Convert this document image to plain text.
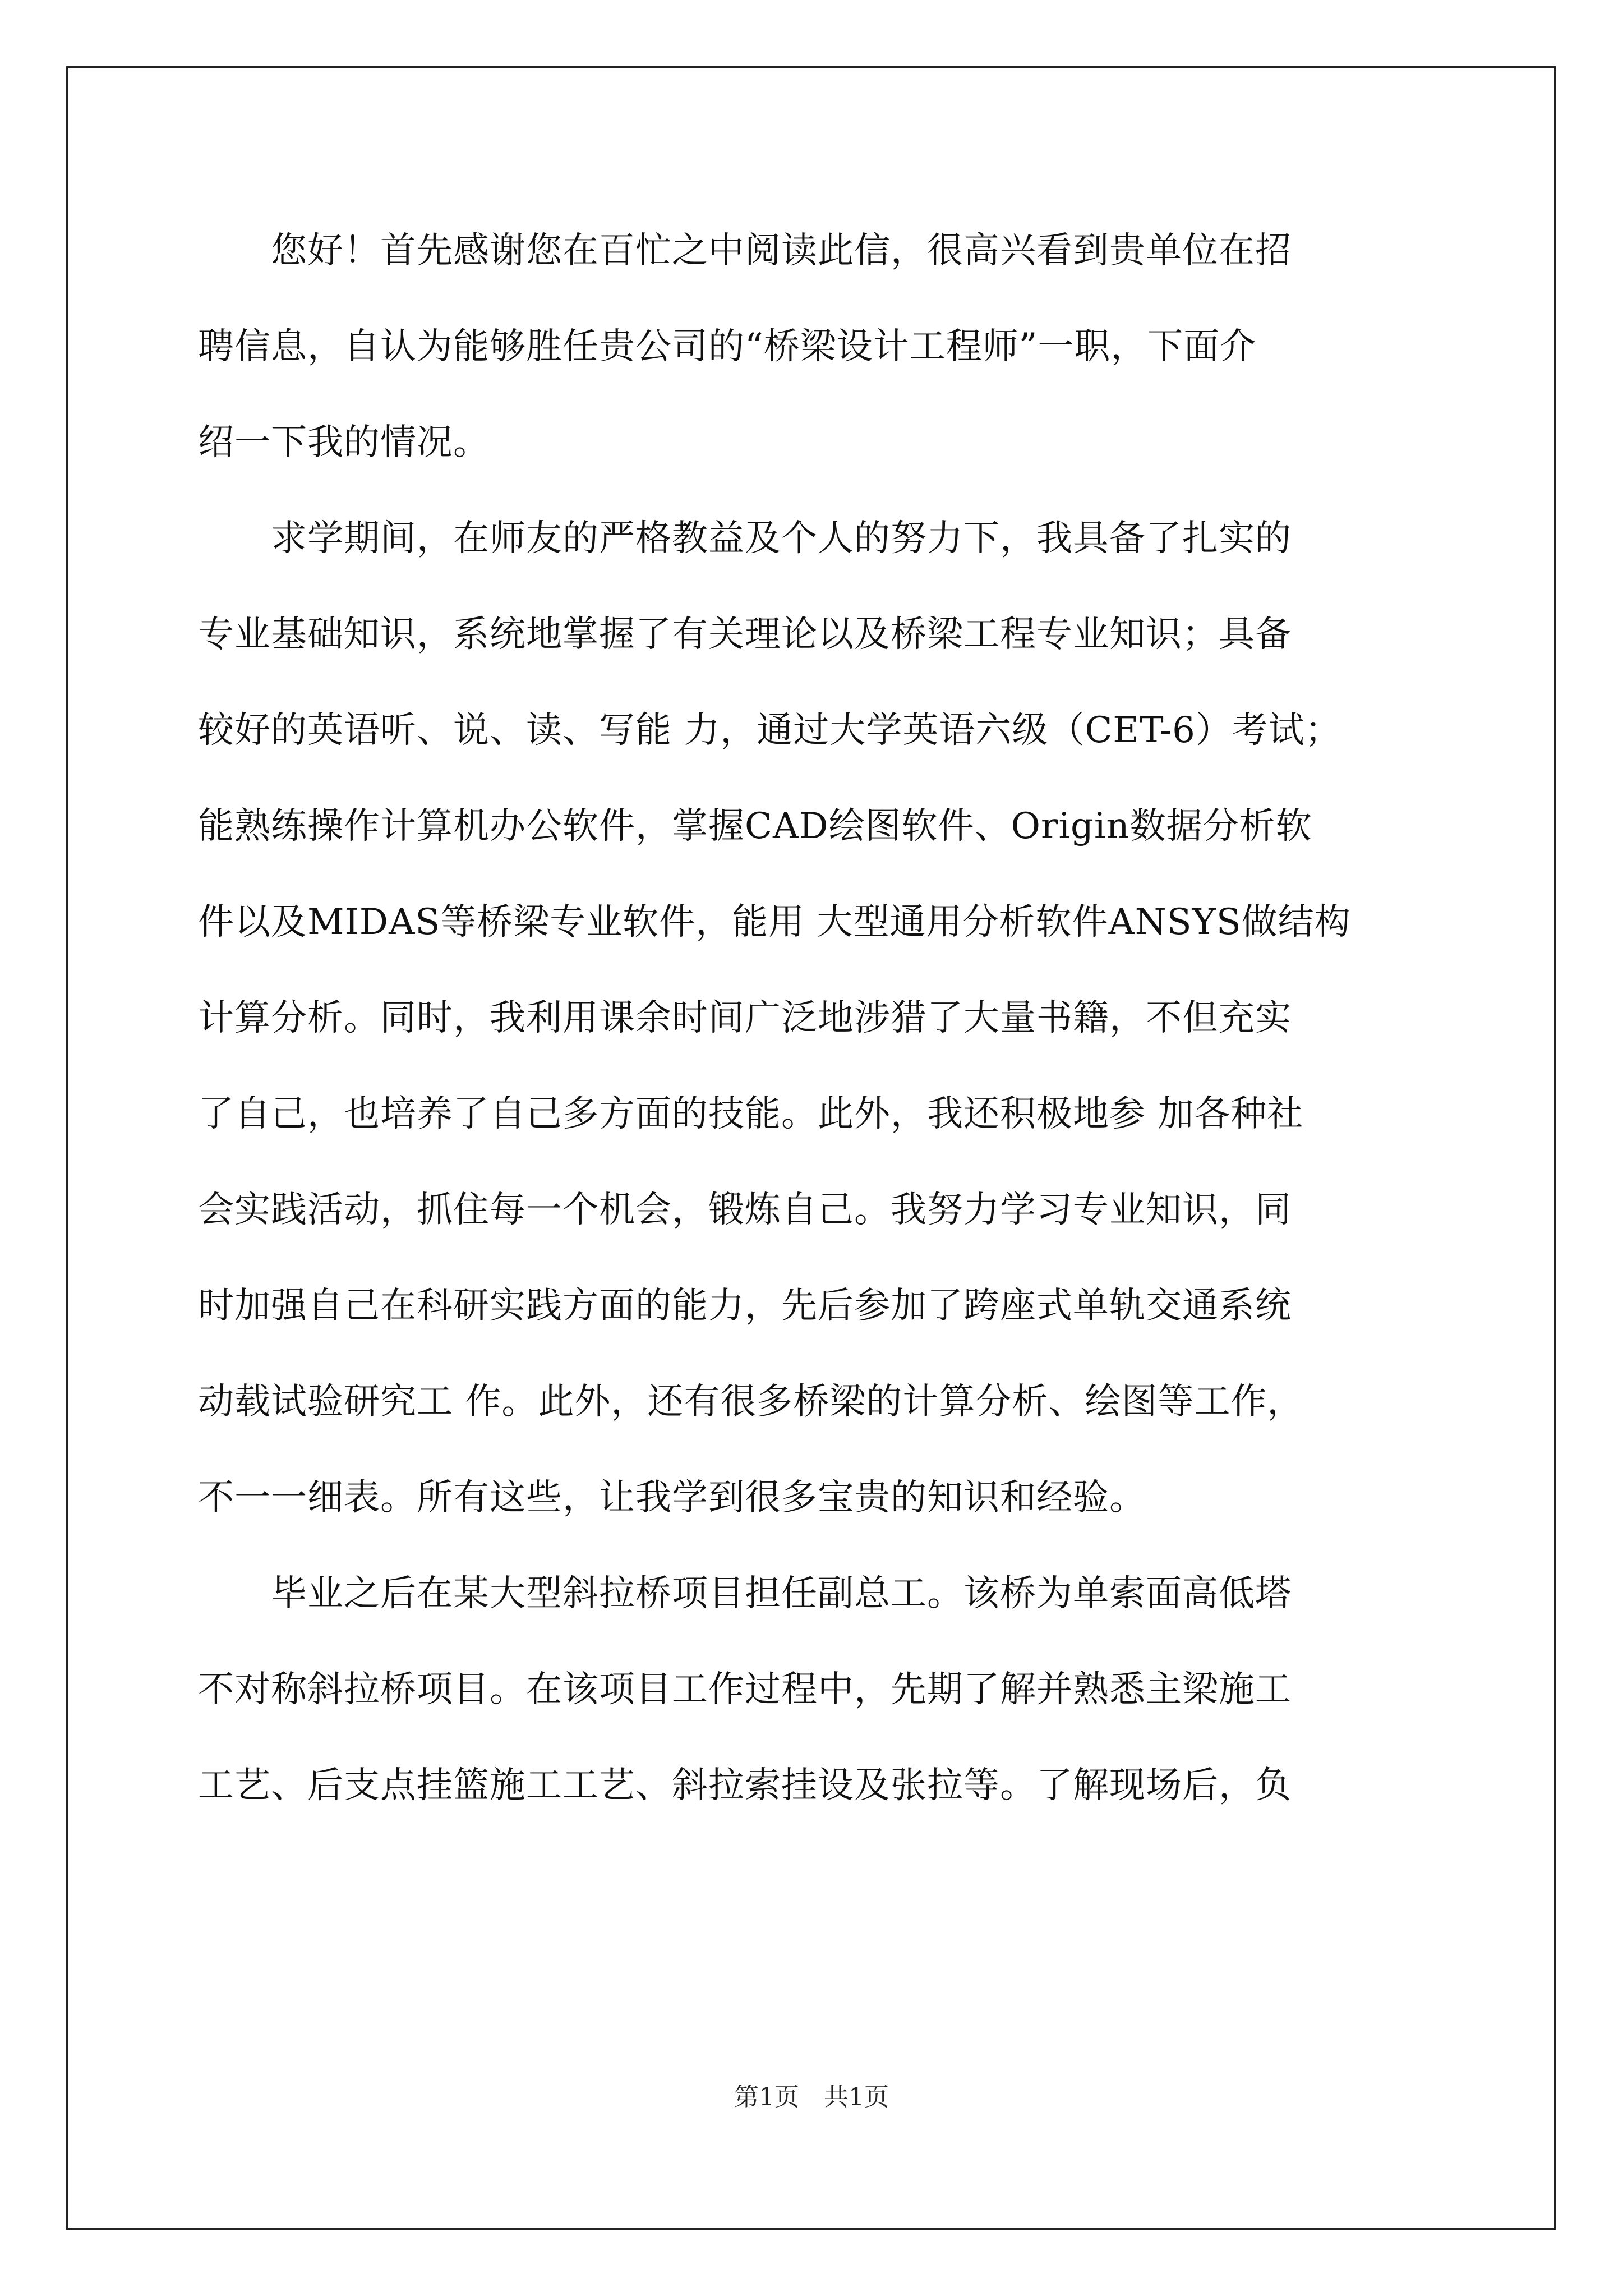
　　您好！首先感谢您在百忙之中阅读此信，很高兴看到贵单位在招
聘信息，自认为能够胜任贵公司的“桥梁设计工程师”一职，下面介
绍一下我的情况。
　　求学期间，在师友的严格教益及个人的努力下，我具备了扎实的
专业基础知识，系统地掌握了有关理论以及桥梁工程专业知识；具备
较好的英语听、说、读、写能 力，通过大学英语六级（CET-6）考试；
能熟练操作计算机办公软件，掌握CAD绘图软件、Origin数据分析软
件以及MIDAS等桥梁专业软件，能用 大型通用分析软件ANSYS做结构
计算分析。同时，我利用课余时间广泛地涉猎了大量书籍，不但充实
了自己，也培养了自己多方面的技能。此外，我还积极地参 加各种社
会实践活动，抓住每一个机会，锻炼自己。我努力学习专业知识，同
时加强自己在科研实践方面的能力，先后参加了跨座式单轨交通系统
动载试验研究工 作。此外，还有很多桥梁的计算分析、绘图等工作，
不一一细表。所有这些，让我学到很多宝贵的知识和经验。
　　毕业之后在某大型斜拉桥项目担任副总工。该桥为单索面高低塔
不对称斜拉桥项目。在该项目工作过程中，先期了解并熟悉主梁施工
工艺、后支点挂篮施工工艺、斜拉索挂设及张拉等。了解现场后，负
第1页　共1页
